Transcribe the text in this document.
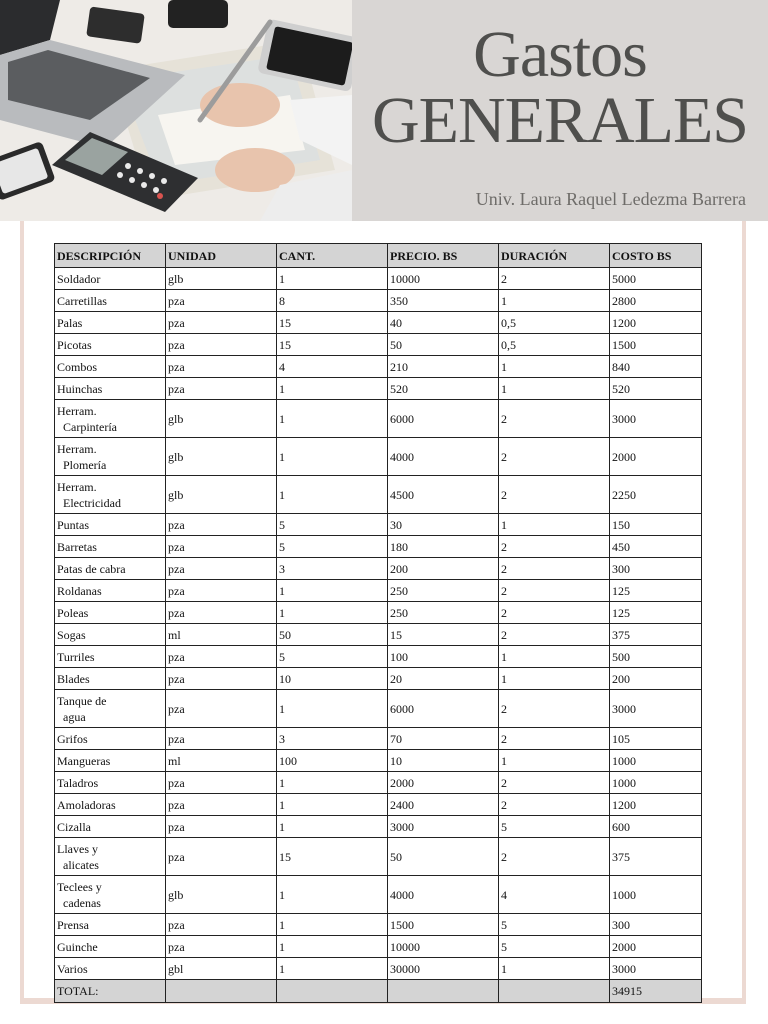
Gastos
GENERALES
Univ. Laura Raquel Ledezma Barrera
DESCRIPCIÓN	UNIDAD	CANT.	PRECIO. BS	DURACIÓN	COSTO BS

Soldador	glb	1	10000	2	5000

Carretillas	pza	8	350	1	2800

Palas	pza	15	40	0,5	1200

Picotas	pza	15	50	0,5	1500

Combos	pza	4	210	1	840

Huinchas	pza	1	520	1	520

Herram.
Carpintería	glb	1	6000	2	3000

Herram.
Plomería	glb	1	4000	2	2000

Herram.
Electricidad	glb	1	4500	2	2250

Puntas	pza	5	30	1	150

Barretas	pza	5	180	2	450

Patas de cabra	pza	3	200	2	300

Roldanas	pza	1	250	2	125

Poleas	pza	1	250	2	125

Sogas	ml	50	15	2	375

Turriles	pza	5	100	1	500

Blades	pza	10	20	1	200

Tanque de
agua	pza	1	6000	2	3000

Grifos	pza	3	70	2	105

Mangueras	ml	100	10	1	1000

Taladros	pza	1	2000	2	1000

Amoladoras	pza	1	2400	2	1200

Cizalla	pza	1	3000	5	600

Llaves y
alicates	pza	15	50	2	375

Teclees y
cadenas	glb	1	4000	4	1000

Prensa	pza	1	1500	5	300

Guinche	pza	1	10000	5	2000

Varios	gbl	1	30000	1	3000
TOTAL:					34915
